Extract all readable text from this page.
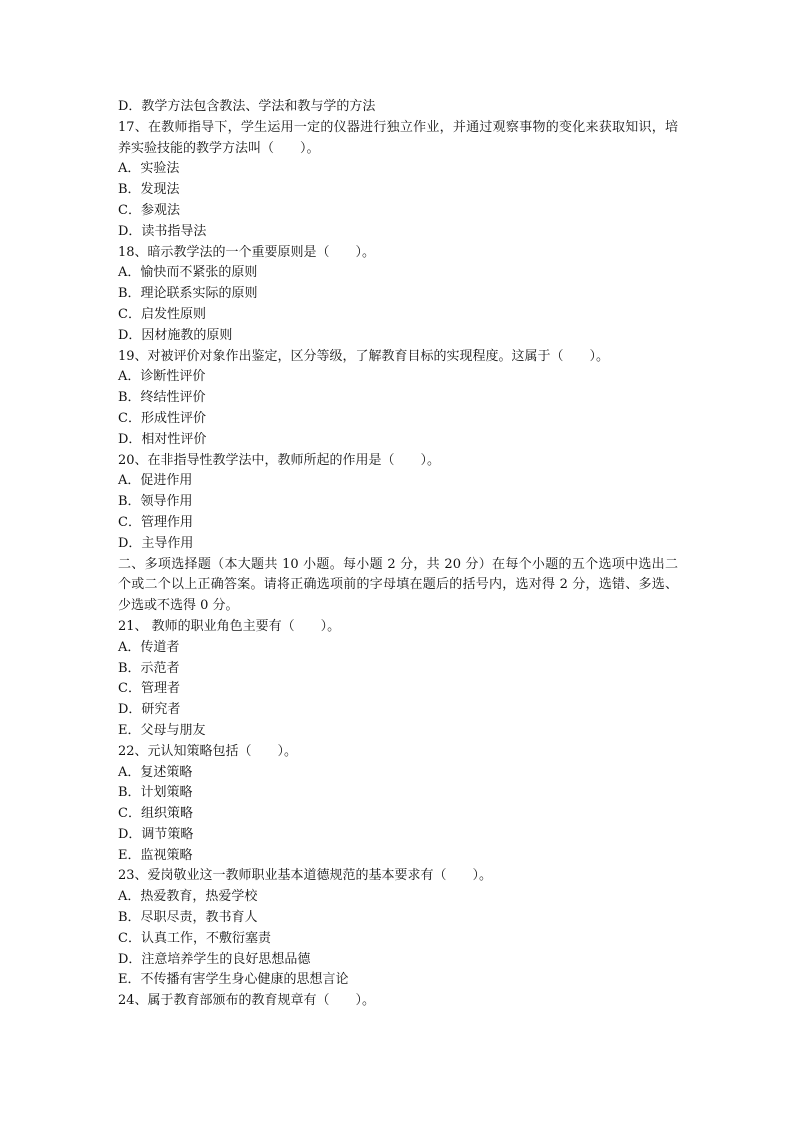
D．教学方法包含教法、学法和教与学的方法

17、在教师指导下，学生运用一定的仪器进行独立作业，并通过观察事物的变化来获取知识，培养实验技能的教学方法叫（　　）。

A．实验法

B．发现法

C．参观法

D．读书指导法

18、暗示教学法的一个重要原则是（　　）。

A．愉快而不紧张的原则

B．理论联系实际的原则

C．启发性原则

D．因材施教的原则

19、对被评价对象作出鉴定，区分等级，了解教育目标的实现程度。这属于（　　）。

A．诊断性评价

B．终结性评价

C．形成性评价

D．相对性评价

20、在非指导性教学法中，教师所起的作用是（　　）。

A．促进作用

B．领导作用

C．管理作用

D．主导作用

二、多项选择题（本大题共 10 小题。每小题 2 分，共 20 分）在每个小题的五个选项中选出二个或二个以上正确答案。请将正确选项前的字母填在题后的括号内，选对得 2 分，选错、多选、少选或不选得 0 分。

21、 教师的职业角色主要有（　　）。

A．传道者

B．示范者

C．管理者

D．研究者

E．父母与朋友

22、元认知策略包括（　　）。

A．复述策略

B．计划策略

C．组织策略

D．调节策略

E．监视策略

23、爱岗敬业这一教师职业基本道德规范的基本要求有（　　）。

A．热爱教育，热爱学校

B．尽职尽责，教书育人

C．认真工作，不敷衍塞责

D．注意培养学生的良好思想品德

E．不传播有害学生身心健康的思想言论

24、属于教育部颁布的教育规章有（　　）。
